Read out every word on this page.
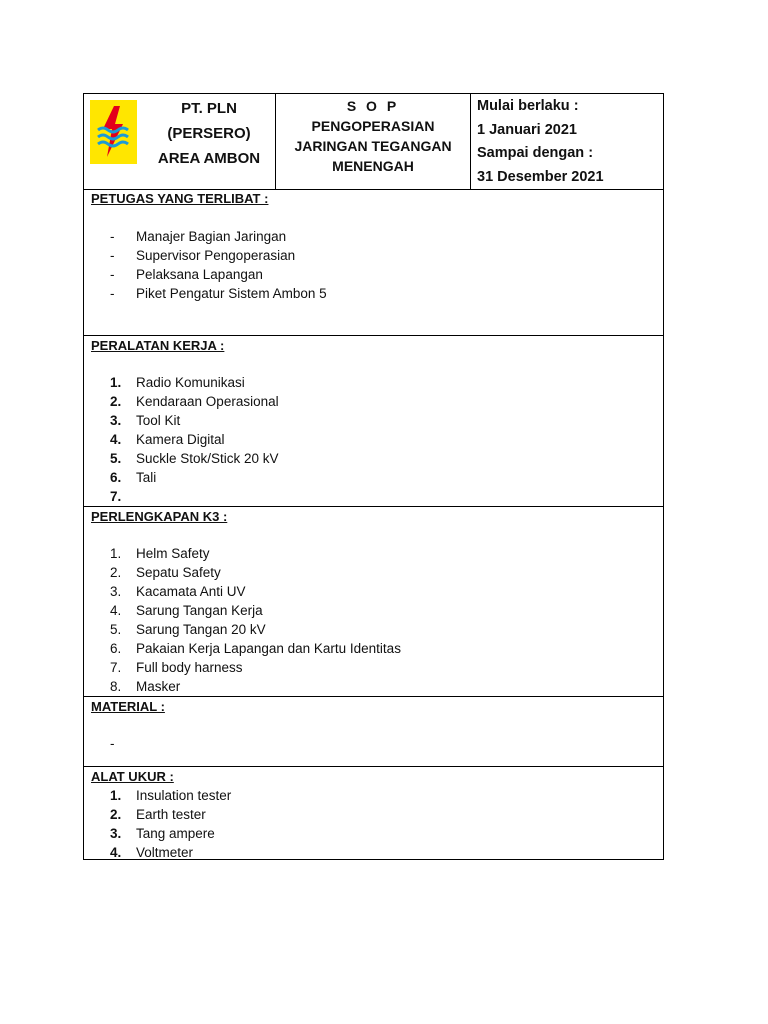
PT. PLN
(PERSERO)
AREA AMBON
S O P
PENGOPERASIAN
JARINGAN TEGANGAN
MENENGAH
Mulai berlaku :
1 Januari 2021
Sampai dengan :
31 Desember 2021
PETUGAS YANG TERLIBAT :
-	Manajer Bagian Jaringan
-	Supervisor Pengoperasian
-	Pelaksana Lapangan
-	Piket Pengatur Sistem Ambon 5
PERALATAN KERJA :
1.	Radio Komunikasi
2.	Kendaraan Operasional
3.	Tool Kit
4.	Kamera Digital
5.	Suckle Stok/Stick 20 kV
6.	Tali
7.
PERLENGKAPAN K3 :
1.	Helm Safety
2.	Sepatu Safety
3.	Kacamata Anti UV
4.	Sarung Tangan Kerja
5.	Sarung Tangan 20 kV
6.	Pakaian Kerja Lapangan dan Kartu Identitas
7.	Full body harness
8.	Masker
MATERIAL :
-
ALAT UKUR :
1.	Insulation tester
2.	Earth tester
3.	Tang ampere
4.	Voltmeter
